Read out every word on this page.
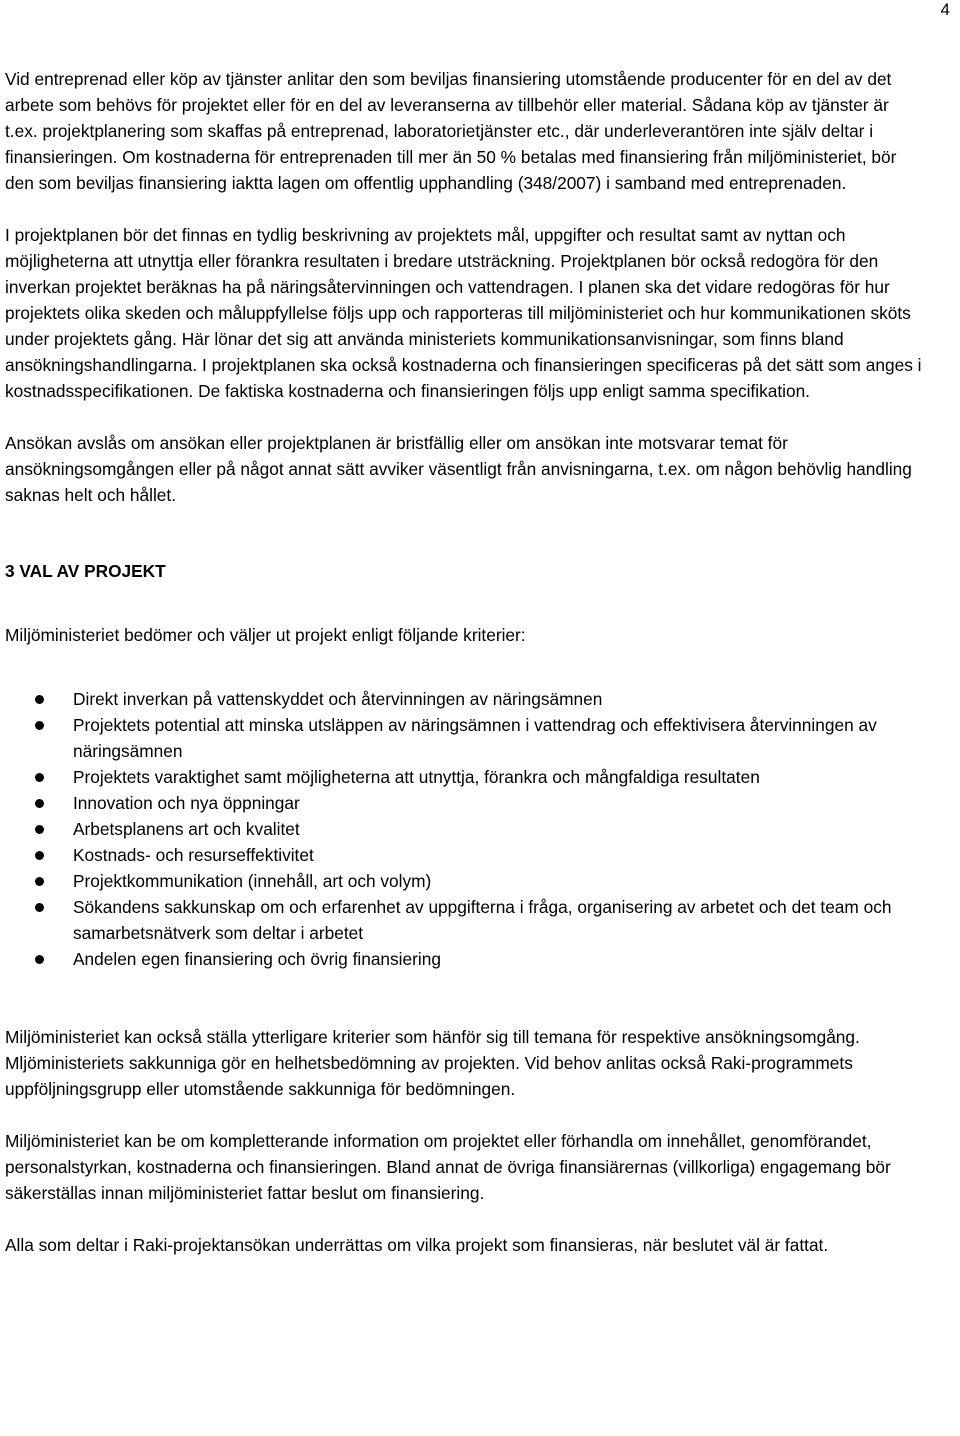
4

Vid entreprenad eller köp av tjänster anlitar den som beviljas finansiering utomstående producenter för en del av det arbete som behövs för projektet eller för en del av leveranserna av tillbehör eller material. Sådana köp av tjänster är t.ex. projektplanering som skaffas på entreprenad, laboratorietjänster etc., där underleverantören inte själv deltar i finansieringen. Om kostnaderna för entreprenaden till mer än 50 % betalas med finansiering från miljöministeriet, bör den som beviljas finansiering iaktta lagen om offentlig upphandling (348/2007) i samband med entreprenaden.

I projektplanen bör det finnas en tydlig beskrivning av projektets mål, uppgifter och resultat samt av nyttan och möjligheterna att utnyttja eller förankra resultaten i bredare utsträckning. Projektplanen bör också redogöra för den inverkan projektet beräknas ha på näringsåtervinningen och vattendragen. I planen ska det vidare redogöras för hur projektets olika skeden och måluppfyllelse följs upp och rapporteras till miljöministeriet och hur kommunikationen sköts under projektets gång. Här lönar det sig att använda ministeriets kommunikationsanvisningar, som finns bland ansökningshandlingarna. I projektplanen ska också kostnaderna och finansieringen specificeras på det sätt som anges i kostnadsspecifikationen. De faktiska kostnaderna och finansieringen följs upp enligt samma specifikation.

Ansökan avslås om ansökan eller projektplanen är bristfällig eller om ansökan inte motsvarar temat för ansökningsomgången eller på något annat sätt avviker väsentligt från anvisningarna, t.ex. om någon behövlig handling saknas helt och hållet.

3 VAL AV PROJEKT

Miljöministeriet bedömer och väljer ut projekt enligt följande kriterier:

Direkt inverkan på vattenskyddet och återvinningen av näringsämnen
Projektets potential att minska utsläppen av näringsämnen i vattendrag och effektivisera återvinningen av näringsämnen
Projektets varaktighet samt möjligheterna att utnyttja, förankra och mångfaldiga resultaten
Innovation och nya öppningar
Arbetsplanens art och kvalitet
Kostnads- och resurseffektivitet
Projektkommunikation (innehåll, art och volym)
Sökandens sakkunskap om och erfarenhet av uppgifterna i fråga, organisering av arbetet och det team och samarbetsnätverk som deltar i arbetet
Andelen egen finansiering och övrig finansiering

Miljöministeriet kan också ställa ytterligare kriterier som hänför sig till temana för respektive ansökningsomgång. Mljöministeriets sakkunniga gör en helhetsbedömning av projekten. Vid behov anlitas också Raki-programmets uppföljningsgrupp eller utomstående sakkunniga för bedömningen.

Miljöministeriet kan be om kompletterande information om projektet eller förhandla om innehållet, genomförandet, personalstyrkan, kostnaderna och finansieringen. Bland annat de övriga finansiärernas (villkorliga) engagemang bör säkerställas innan miljöministeriet fattar beslut om finansiering.

Alla som deltar i Raki-projektansökan underrättas om vilka projekt som finansieras, när beslutet väl är fattat.
